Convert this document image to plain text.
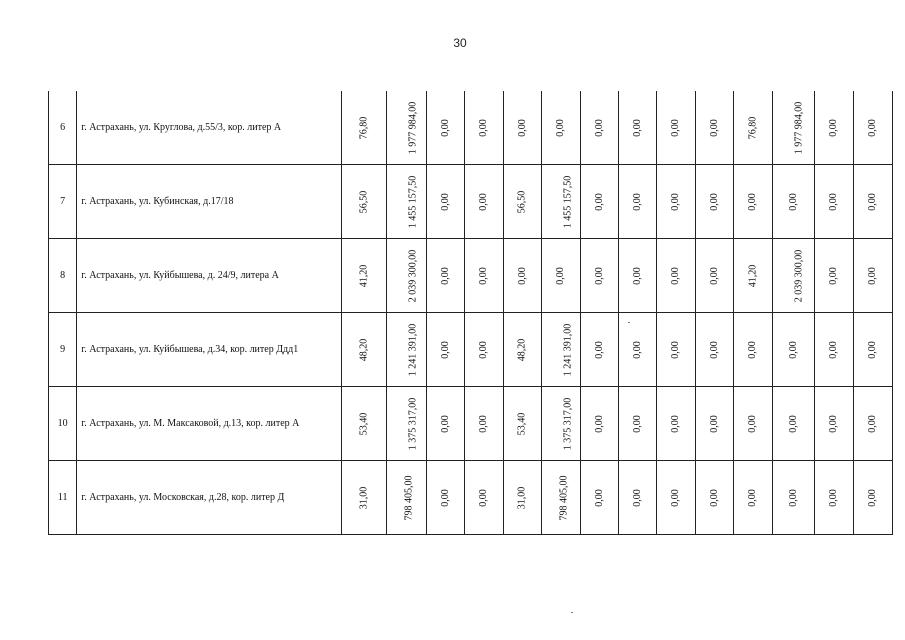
30
6	г. Астрахань, ул. Круглова, д.55/3, кор. литер А	76,80	1 977 984,00	0,00	0,00	0,00	0,00	0,00	0,00	0,00	0,00	76,80	1 977 984,00	0,00	0,00
7	г. Астрахань, ул. Кубинская, д.17/18	56,50	1 455 157,50	0,00	0,00	56,50	1 455 157,50	0,00	0,00	0,00	0,00	0,00	0,00	0,00	0,00
8	г. Астрахань, ул. Куйбышева, д. 24/9, литера А	41,20	2 039 300,00	0,00	0,00	0,00	0,00	0,00	0,00	0,00	0,00	41,20	2 039 300,00	0,00	0,00
9	г. Астрахань, ул. Куйбышева, д.34, кор. литер Ддд1	48,20	1 241 391,00	0,00	0,00	48,20	1 241 391,00	0,00	0,00	0,00	0,00	0,00	0,00	0,00	0,00
10	г. Астрахань, ул. М. Максаковой, д.13, кор. литер А	53,40	1 375 317,00	0,00	0,00	53,40	1 375 317,00	0,00	0,00	0,00	0,00	0,00	0,00	0,00	0,00
11	г. Астрахань, ул. Московская, д.28, кор. литер Д	31,00	798 405,00	0,00	0,00	31,00	798 405,00	0,00	0,00	0,00	0,00	0,00	0,00	0,00	0,00
